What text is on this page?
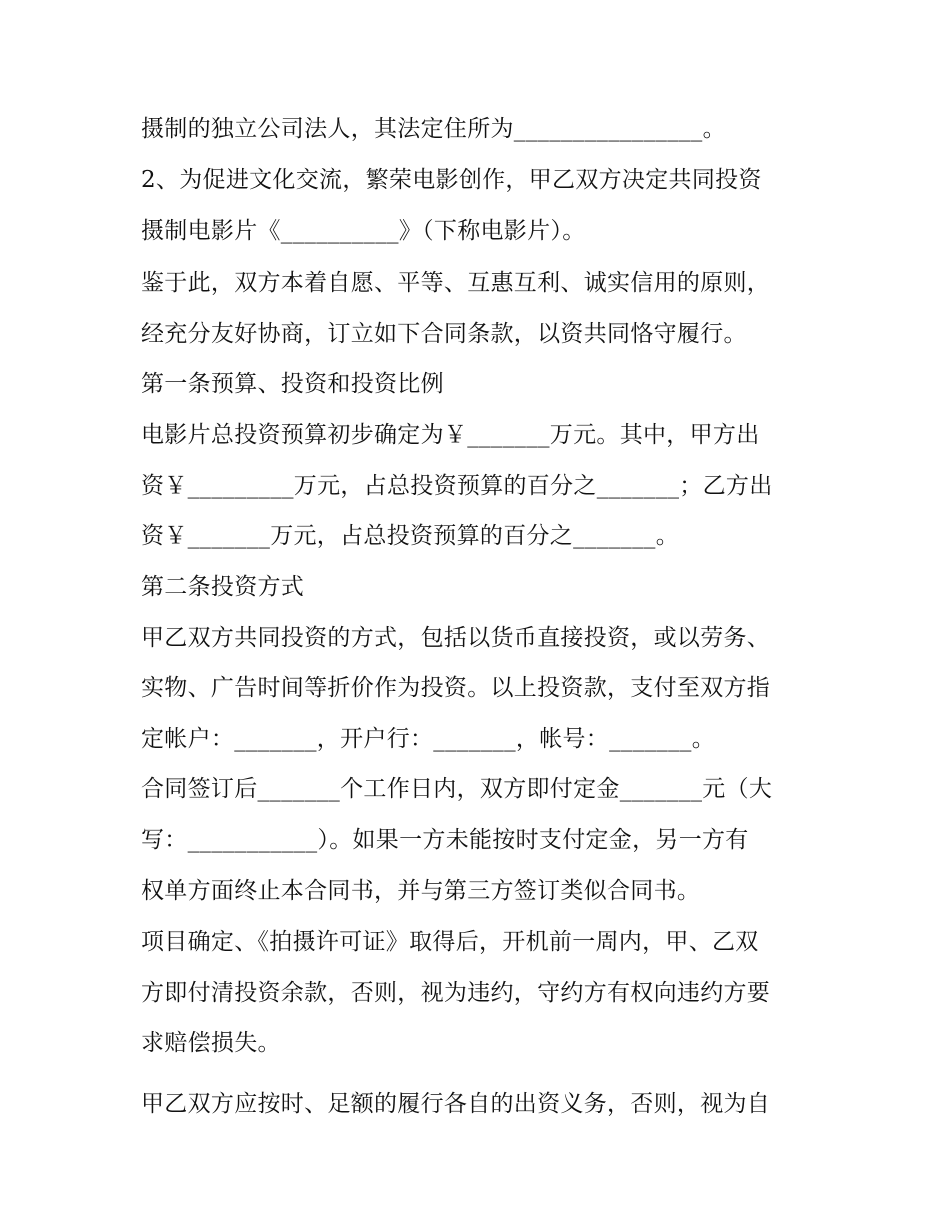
摄制的独立公司法人，其法定住所为________________。
2、为促进文化交流，繁荣电影创作，甲乙双方决定共同投资
摄制电影片《__________》（下称电影片）。
鉴于此，双方本着自愿、平等、互惠互利、诚实信用的原则，
经充分友好协商，订立如下合同条款，以资共同恪守履行。
第一条预算、投资和投资比例
电影片总投资预算初步确定为￥_______万元。其中，甲方出
资￥_________万元，占总投资预算的百分之_______；乙方出
资￥_______万元，占总投资预算的百分之_______。
第二条投资方式
甲乙双方共同投资的方式，包括以货币直接投资，或以劳务、
实物、广告时间等折价作为投资。以上投资款，支付至双方指
定帐户：_______，开户行：_______，帐号：_______。
合同签订后_______个工作日内，双方即付定金_______元（大
写：___________）。如果一方未能按时支付定金，另一方有
权单方面终止本合同书，并与第三方签订类似合同书。
项目确定、《拍摄许可证》取得后，开机前一周内，甲、乙双
方即付清投资余款，否则，视为违约，守约方有权向违约方要
求赔偿损失。
甲乙双方应按时、足额的履行各自的出资义务，否则，视为自
